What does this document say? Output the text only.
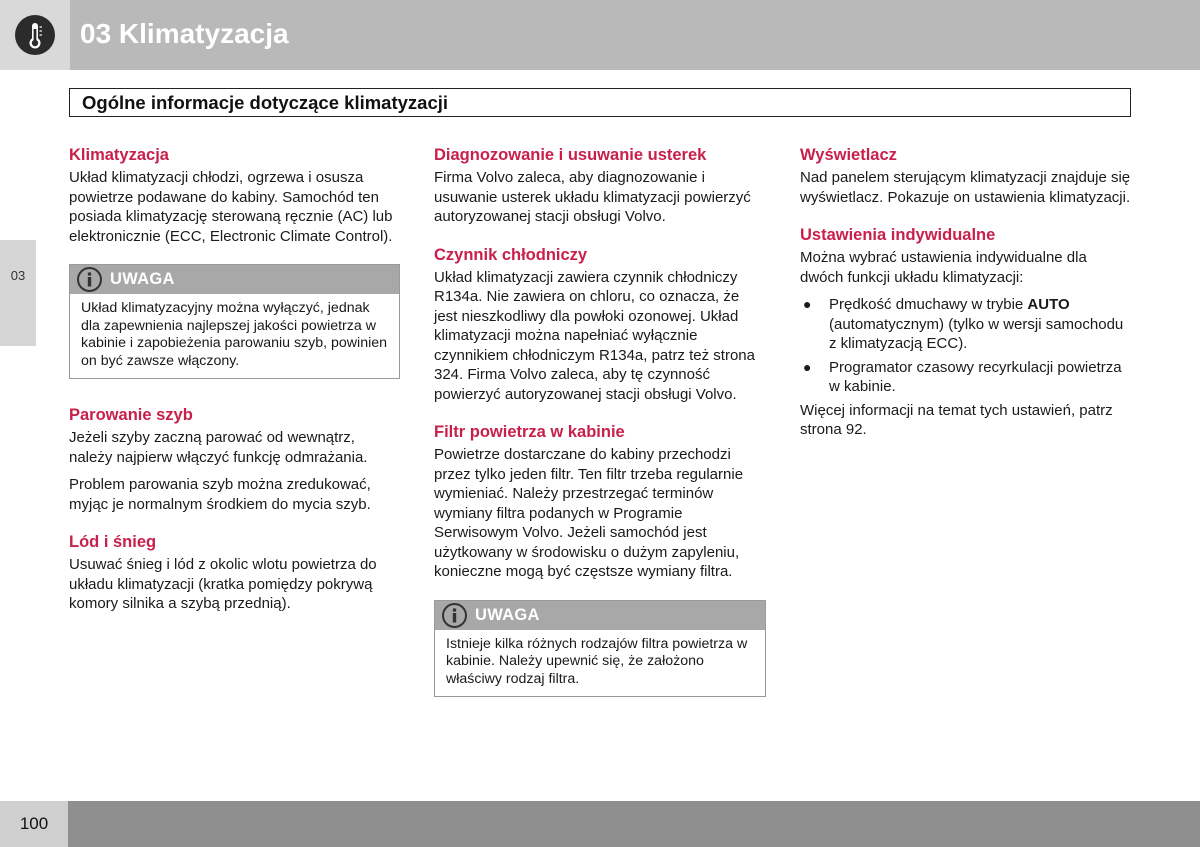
03 Klimatyzacja
Ogólne informacje dotyczące klimatyzacji
03
Klimatyzacja

Układ klimatyzacji chłodzi, ogrzewa i osusza powietrze podawane do kabiny. Samochód ten posiada klimatyzację sterowaną ręcznie (AC) lub elektronicznie (ECC, Electronic Climate Control).

UWAGA
Układ klimatyzacyjny można wyłączyć, jednak dla zapewnienia najlepszej jakości powietrza w kabinie i zapobieżenia parowaniu szyb, powinien on być zawsze włączony.
Parowanie szyb

Jeżeli szyby zaczną parować od wewnątrz, należy najpierw włączyć funkcję odmrażania.

Problem parowania szyb można zredukować, myjąc je normalnym środkiem do mycia szyb.

Lód i śnieg

Usuwać śnieg i lód z okolic wlotu powietrza do układu klimatyzacji (kratka pomiędzy pokrywą komory silnika a szybą przednią).

Diagnozowanie i usuwanie usterek

Firma Volvo zaleca, aby diagnozowanie i usuwanie usterek układu klimatyzacji powierzyć autoryzowanej stacji obsługi Volvo.

Czynnik chłodniczy

Układ klimatyzacji zawiera czynnik chłodniczy R134a. Nie zawiera on chloru, co oznacza, że jest nieszkodliwy dla powłoki ozonowej. Układ klimatyzacji można napełniać wyłącznie czynnikiem chłodniczym R134a, patrz też strona 324. Firma Volvo zaleca, aby tę czynność powierzyć autoryzowanej stacji obsługi Volvo.

Filtr powietrza w kabinie

Powietrze dostarczane do kabiny przechodzi przez tylko jeden filtr. Ten filtr trzeba regularnie wymieniać. Należy przestrzegać terminów wymiany filtra podanych w Programie Serwisowym Volvo. Jeżeli samochód jest użytkowany w środowisku o dużym zapyleniu, konieczne mogą być częstsze wymiany filtra.

UWAGA
Istnieje kilka różnych rodzajów filtra powietrza w kabinie. Należy upewnić się, że założono właściwy rodzaj filtra.
Wyświetlacz

Nad panelem sterującym klimatyzacji znajduje się wyświetlacz. Pokazuje on ustawienia klimatyzacji.

Ustawienia indywidualne

Można wybrać ustawienia indywidualne dla dwóch funkcji układu klimatyzacji:

● Prędkość dmuchawy w trybie AUTO (automatycznym) (tylko w wersji samochodu z klimatyzacją ECC).
● Programator czasowy recyrkulacji powietrza w kabinie.

Więcej informacji na temat tych ustawień, patrz strona 92.

100
